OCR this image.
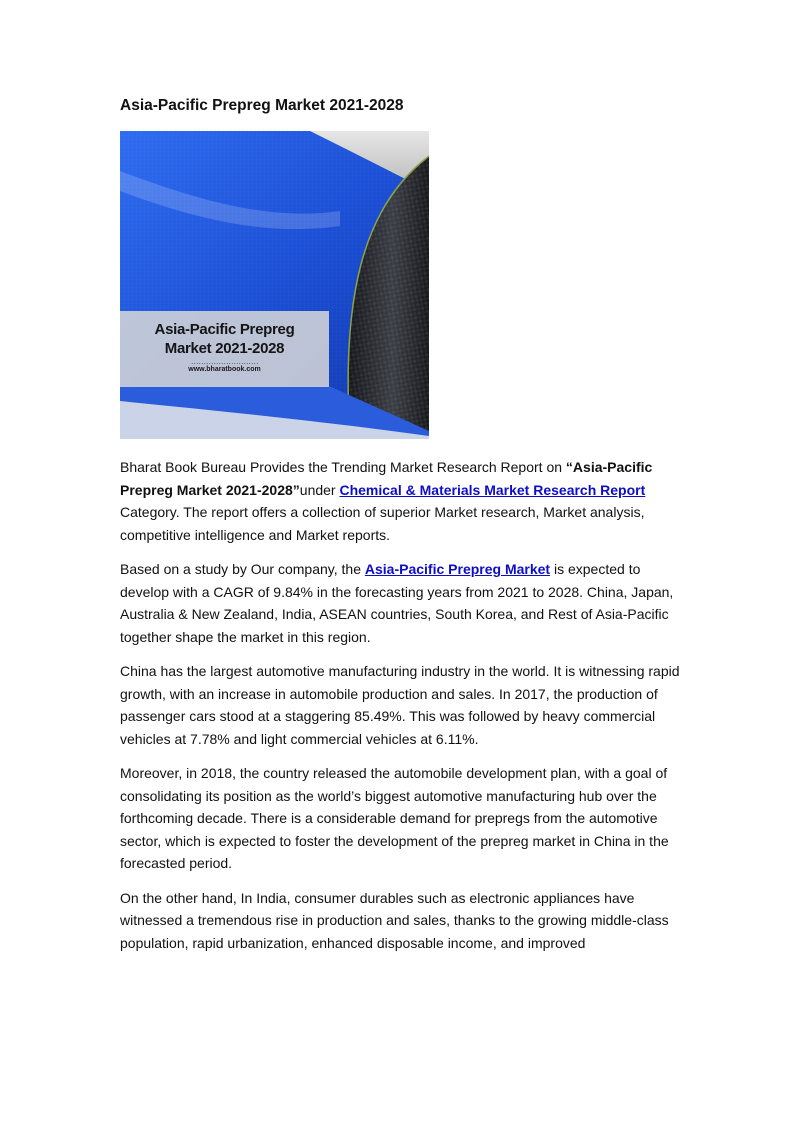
Asia-Pacific Prepreg Market 2021-2028
Asia-Pacific Prepreg
Market 2021-2028
………………………
www.bharatbook.com

Bharat Book Bureau Provides the Trending Market Research Report on “Asia-Pacific Prepreg Market 2021-2028”under Chemical & Materials Market Research Report Category. The report offers a collection of superior Market research, Market analysis, competitive intelligence and Market reports.

Based on a study by Our company, the Asia-Pacific Prepreg Market is expected to develop with a CAGR of 9.84% in the forecasting years from 2021 to 2028. China, Japan, Australia & New Zealand, India, ASEAN countries, South Korea, and Rest of Asia-Pacific together shape the market in this region.

China has the largest automotive manufacturing industry in the world. It is witnessing rapid growth, with an increase in automobile production and sales. In 2017, the production of passenger cars stood at a staggering 85.49%. This was followed by heavy commercial vehicles at 7.78% and light commercial vehicles at 6.11%.

Moreover, in 2018, the country released the automobile development plan, with a goal of consolidating its position as the world’s biggest automotive manufacturing hub over the forthcoming decade. There is a considerable demand for prepregs from the automotive sector, which is expected to foster the development of the prepreg market in China in the forecasted period.

On the other hand, In India, consumer durables such as electronic appliances have witnessed a tremendous rise in production and sales, thanks to the growing middle-class population, rapid urbanization, enhanced disposable income, and improved
